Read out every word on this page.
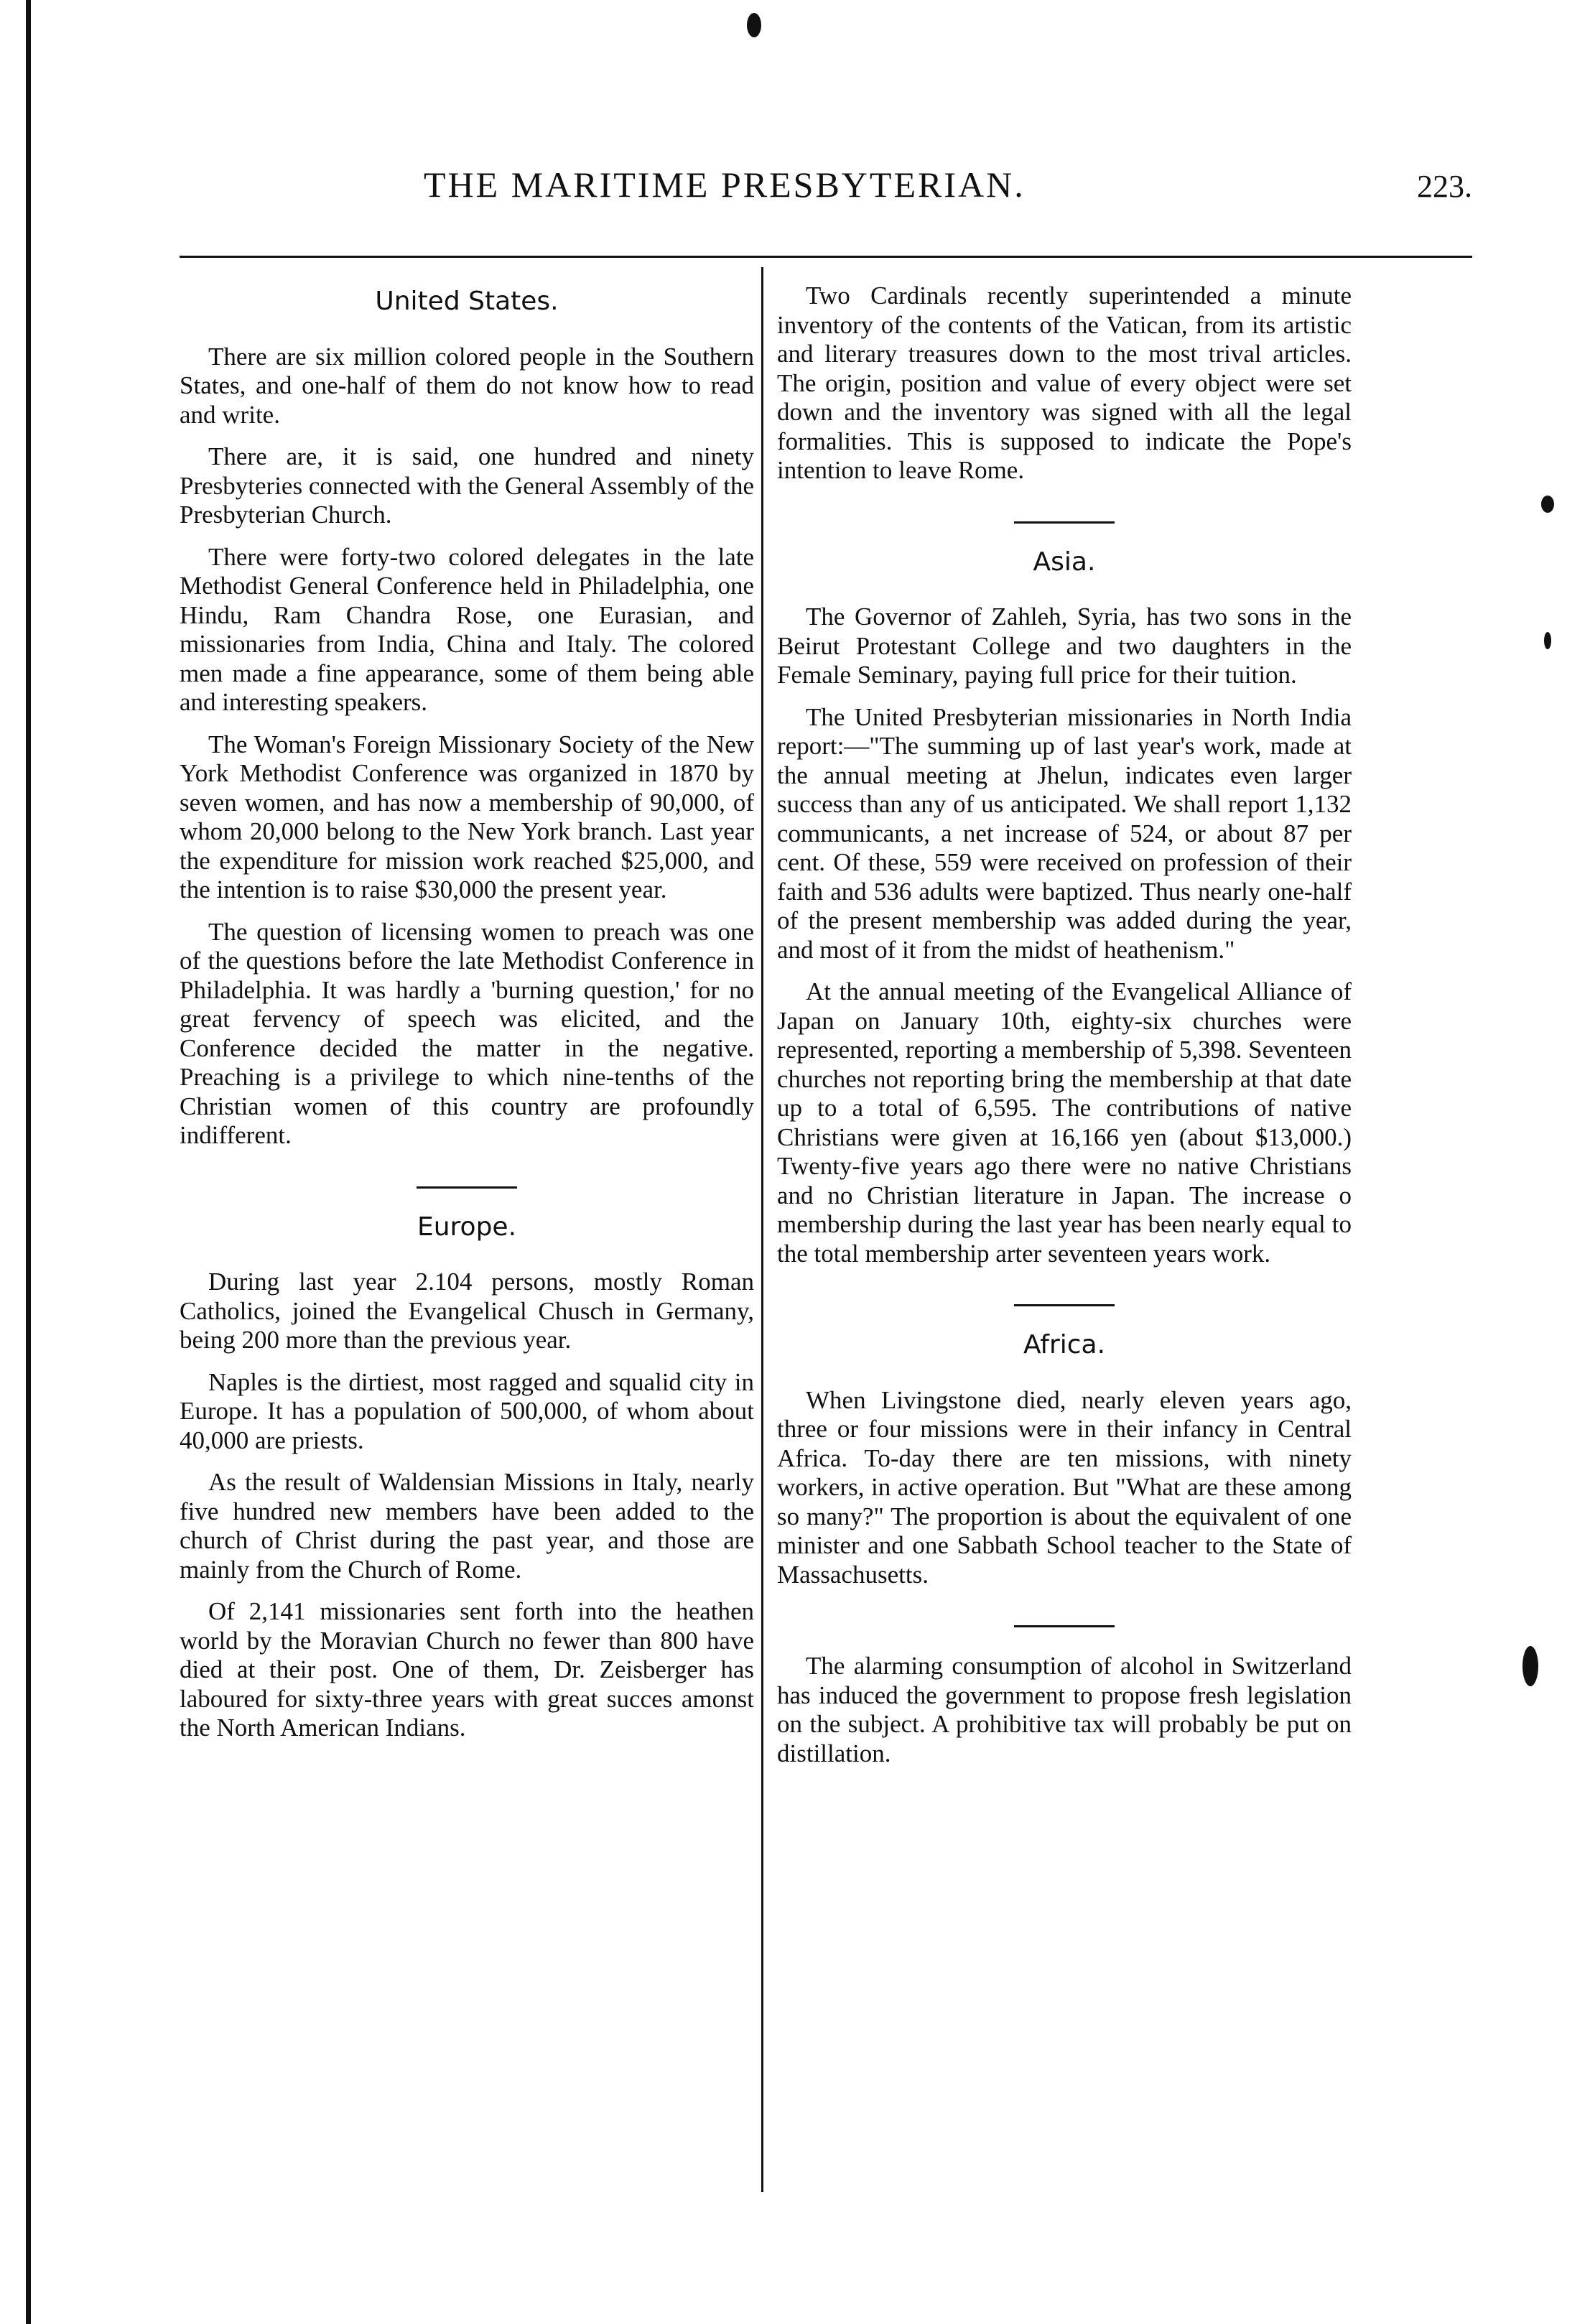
THE MARITIME PRESBYTERIAN.	223.
United States.

There are six million colored people in the Southern States, and one-half of them do not know how to read and write.

There are, it is said, one hundred and ninety Presbyteries connected with the General Assembly of the Presbyterian Church.

There were forty-two colored delegates in the late Methodist General Conference held in Philadelphia, one Hindu, Ram Chandra Rose, one Eurasian, and missionaries from India, China and Italy. The colored men made a fine appearance, some of them being able and interesting speakers.

The Woman's Foreign Missionary Society of the New York Methodist Conference was organized in 1870 by seven women, and has now a membership of 90,000, of whom 20,000 belong to the New York branch. Last year the expenditure for mission work reached $25,000, and the intention is to raise $30,000 the present year.

The question of licensing women to preach was one of the questions before the late Methodist Conference in Philadelphia. It was hardly a 'burning question,' for no great fervency of speech was elicited, and the Conference decided the matter in the negative. Preaching is a privilege to which nine-tenths of the Christian women of this country are profoundly indifferent.

Europe.

During last year 2.104 persons, mostly Roman Catholics, joined the Evangelical Chusch in Germany, being 200 more than the previous year.

Naples is the dirtiest, most ragged and squalid city in Europe. It has a population of 500,000, of whom about 40,000 are priests.

As the result of Waldensian Missions in Italy, nearly five hundred new members have been added to the church of Christ during the past year, and those are mainly from the Church of Rome.

Of 2,141 missionaries sent forth into the heathen world by the Moravian Church no fewer than 800 have died at their post. One of them, Dr. Zeisberger has laboured for sixty-three years with great succes amonst the North American Indians.

Two Cardinals recently superintended a minute inventory of the contents of the Vatican, from its artistic and literary treasures down to the most trival articles. The origin, position and value of every object were set down and the inventory was signed with all the legal formalities. This is supposed to indicate the Pope's intention to leave Rome.

Asia.

The Governor of Zahleh, Syria, has two sons in the Beirut Protestant College and two daughters in the Female Seminary, paying full price for their tuition.

The United Presbyterian missionaries in North India report:—"The summing up of last year's work, made at the annual meeting at Jhelun, indicates even larger success than any of us anticipated. We shall report 1,132 communicants, a net increase of 524, or about 87 per cent. Of these, 559 were received on profession of their faith and 536 adults were baptized. Thus nearly one-half of the present membership was added during the year, and most of it from the midst of heathenism."

At the annual meeting of the Evangelical Alliance of Japan on January 10th, eighty-six churches were represented, reporting a membership of 5,398. Seventeen churches not reporting bring the membership at that date up to a total of 6,595. The contributions of native Christians were given at 16,166 yen (about $13,000.) Twenty-five years ago there were no native Christians and no Christian literature in Japan. The increase o membership during the last year has been nearly equal to the total membership arter seventeen years work.

Africa.

When Livingstone died, nearly eleven years ago, three or four missions were in their infancy in Central Africa. To-day there are ten missions, with ninety workers, in active operation. But "What are these among so many?" The proportion is about the equivalent of one minister and one Sabbath School teacher to the State of Massachusetts.

The alarming consumption of alcohol in Switzerland has induced the government to propose fresh legislation on the subject. A prohibitive tax will probably be put on distillation.
